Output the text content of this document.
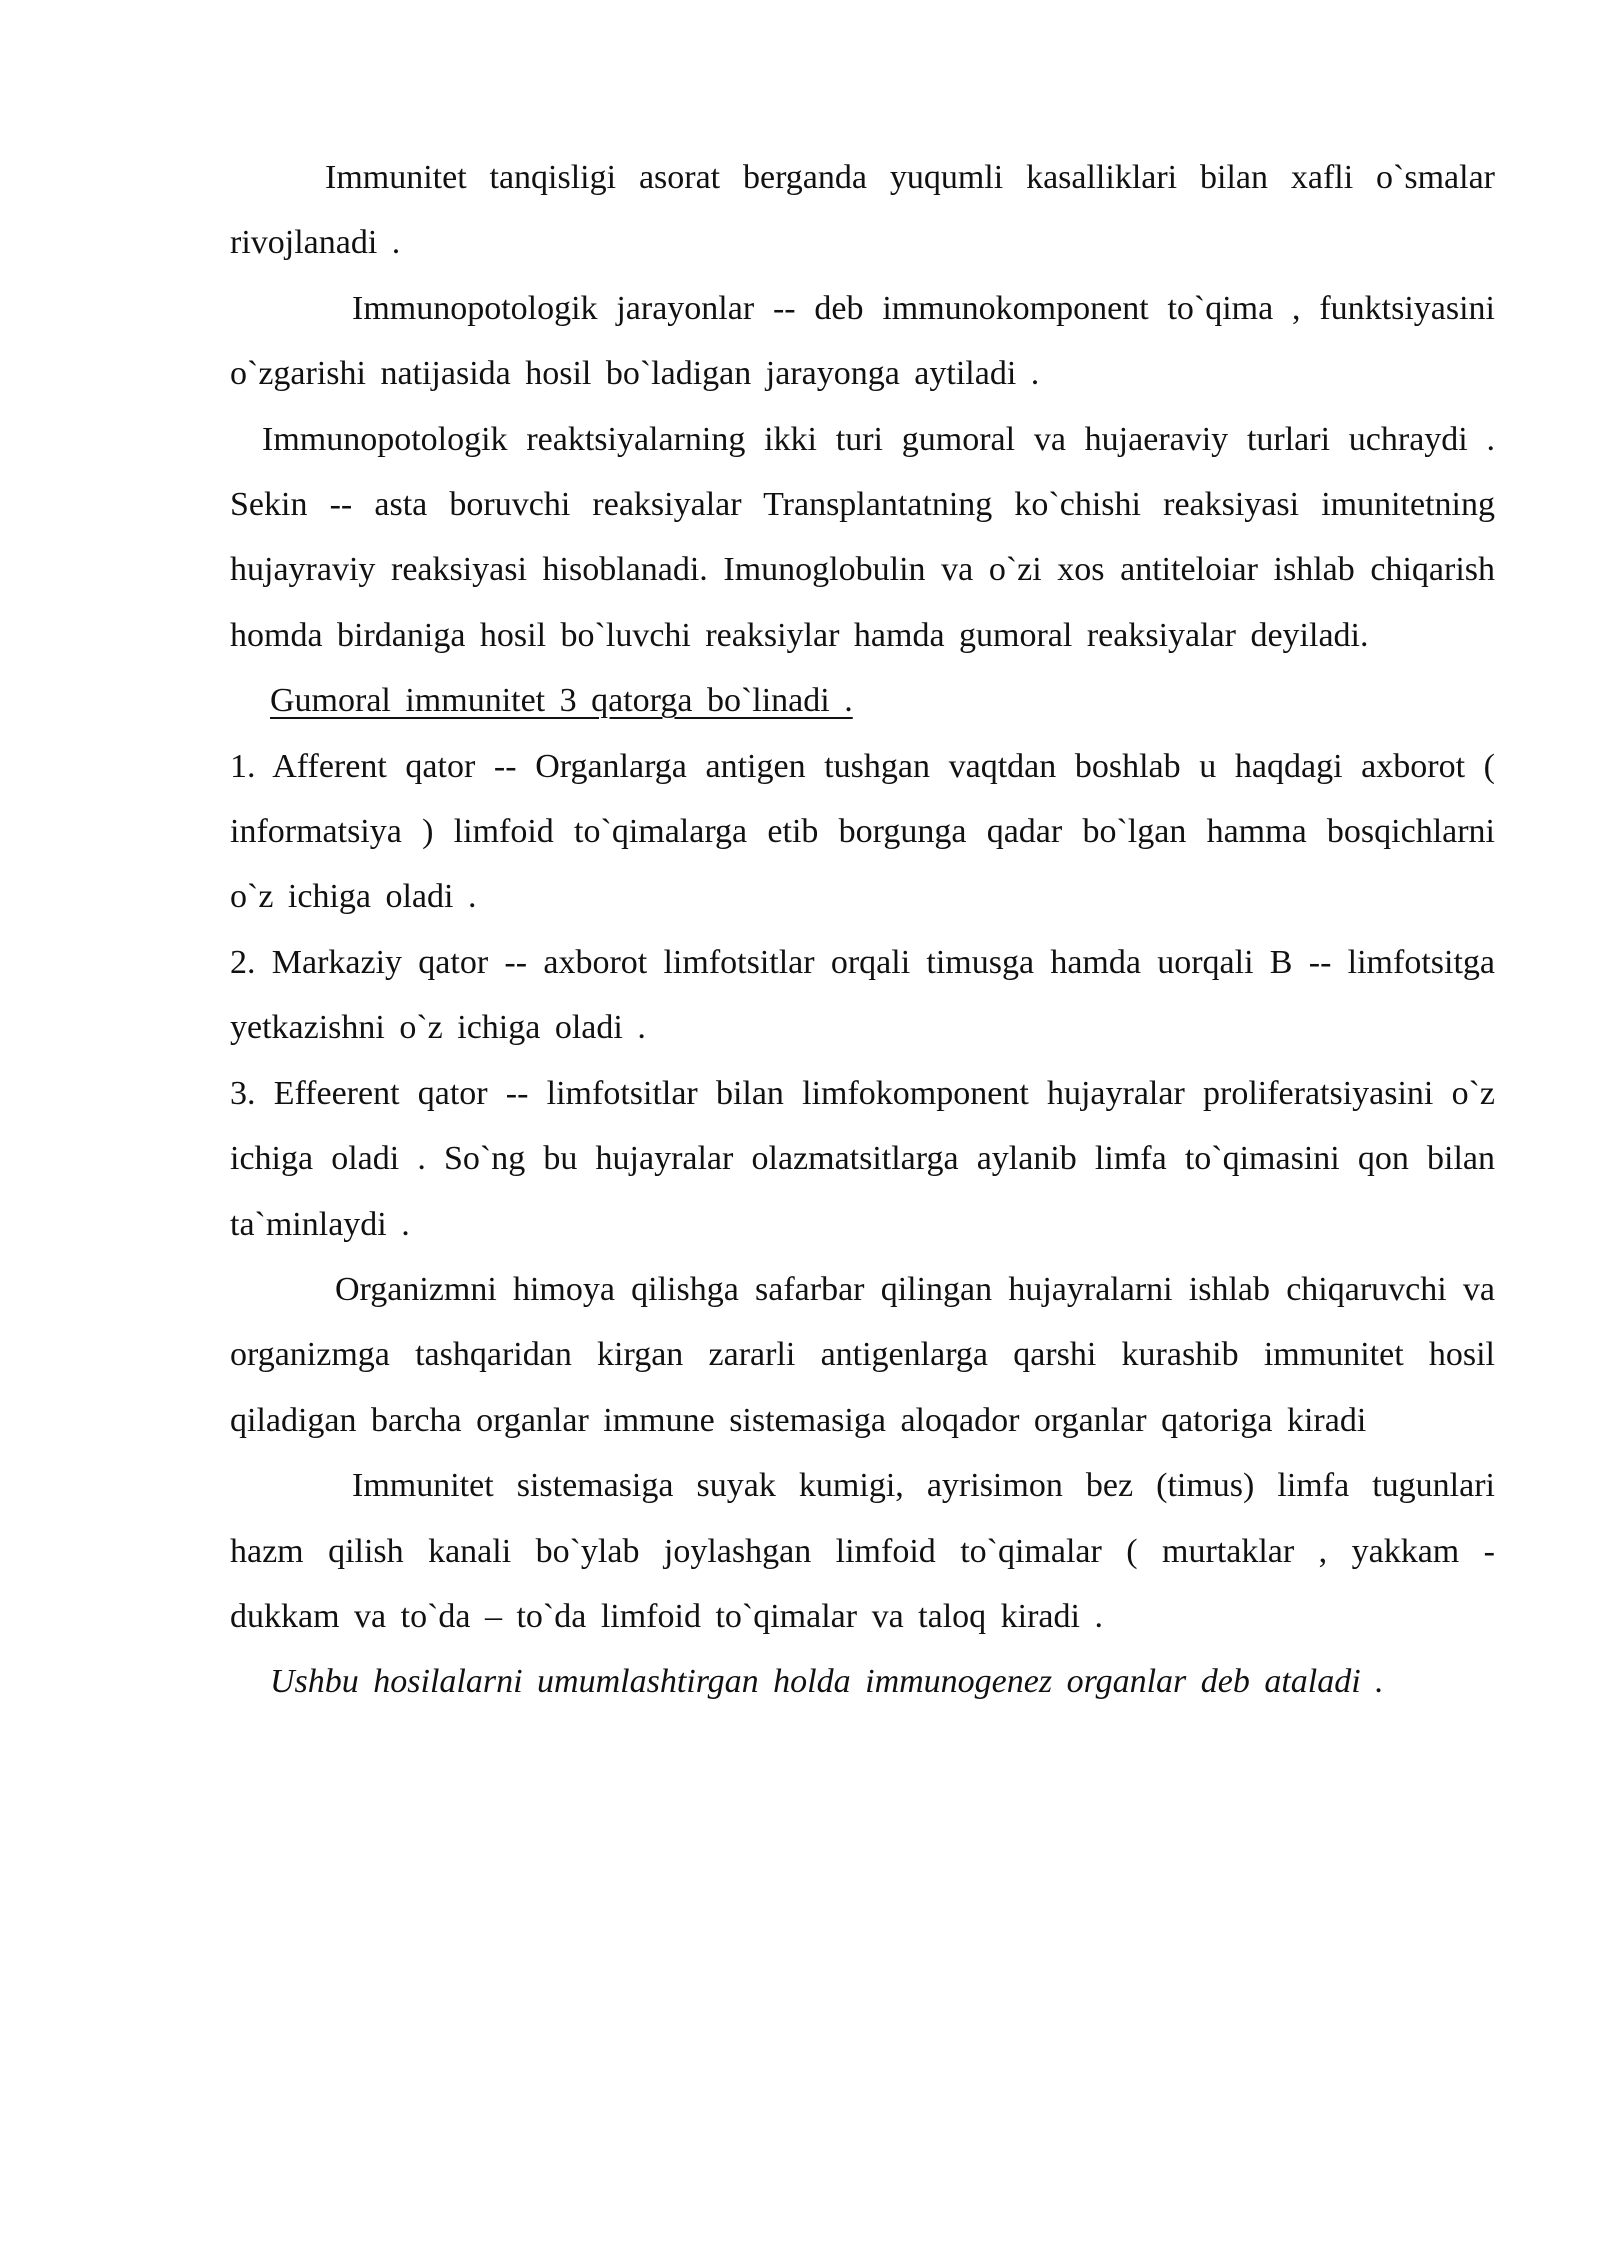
Immunitet tanqisligi asorat berganda yuqumli kasalliklari bilan xafli o`smalar rivojlanadi .

Immunopotologik jarayonlar -- deb immunokomponent to`qima , funktsiyasini o`zgarishi natijasida hosil bo`ladigan jarayonga aytiladi .

Immunopotologik reaktsiyalarning ikki turi gumoral va hujaeraviy turlari uchraydi . Sekin -- asta boruvchi reaksiyalar Transplantatning ko`chishi reaksiyasi imunitetning hujayraviy reaksiyasi hisoblanadi. Imunoglobulin va o`zi xos antiteloiar ishlab chiqarish homda birdaniga hosil bo`luvchi reaksiylar hamda gumoral reaksiyalar deyiladi.

Gumoral immunitet 3 qatorga bo`linadi .

1. Afferent qator -- Organlarga antigen tushgan vaqtdan boshlab u haqdagi axborot ( informatsiya ) limfoid to`qimalarga etib borgunga qadar bo`lgan hamma bosqichlarni o`z ichiga oladi .

2. Markaziy qator -- axborot limfotsitlar orqali timusga hamda uorqali B -- limfotsitga yetkazishni o`z ichiga oladi .

3. Effeerent qator -- limfotsitlar bilan limfokomponent hujayralar proliferatsiyasini o`z ichiga oladi . So`ng bu hujayralar olazmatsitlarga aylanib limfa to`qimasini qon bilan ta`minlaydi .

Organizmni himoya qilishga safarbar qilingan hujayralarni ishlab chiqaruvchi va organizmga tashqaridan kirgan zararli antigenlarga qarshi kurashib immunitet hosil qiladigan barcha organlar immune sistemasiga aloqador organlar qatoriga kiradi

Immunitet sistemasiga suyak kumigi, ayrisimon bez (timus) limfa tugunlari hazm qilish kanali bo`ylab joylashgan limfoid to`qimalar ( murtaklar , yakkam - dukkam va to`da – to`da limfoid to`qimalar va taloq kiradi .

Ushbu hosilalarni umumlashtirgan holda immunogenez organlar deb ataladi .
